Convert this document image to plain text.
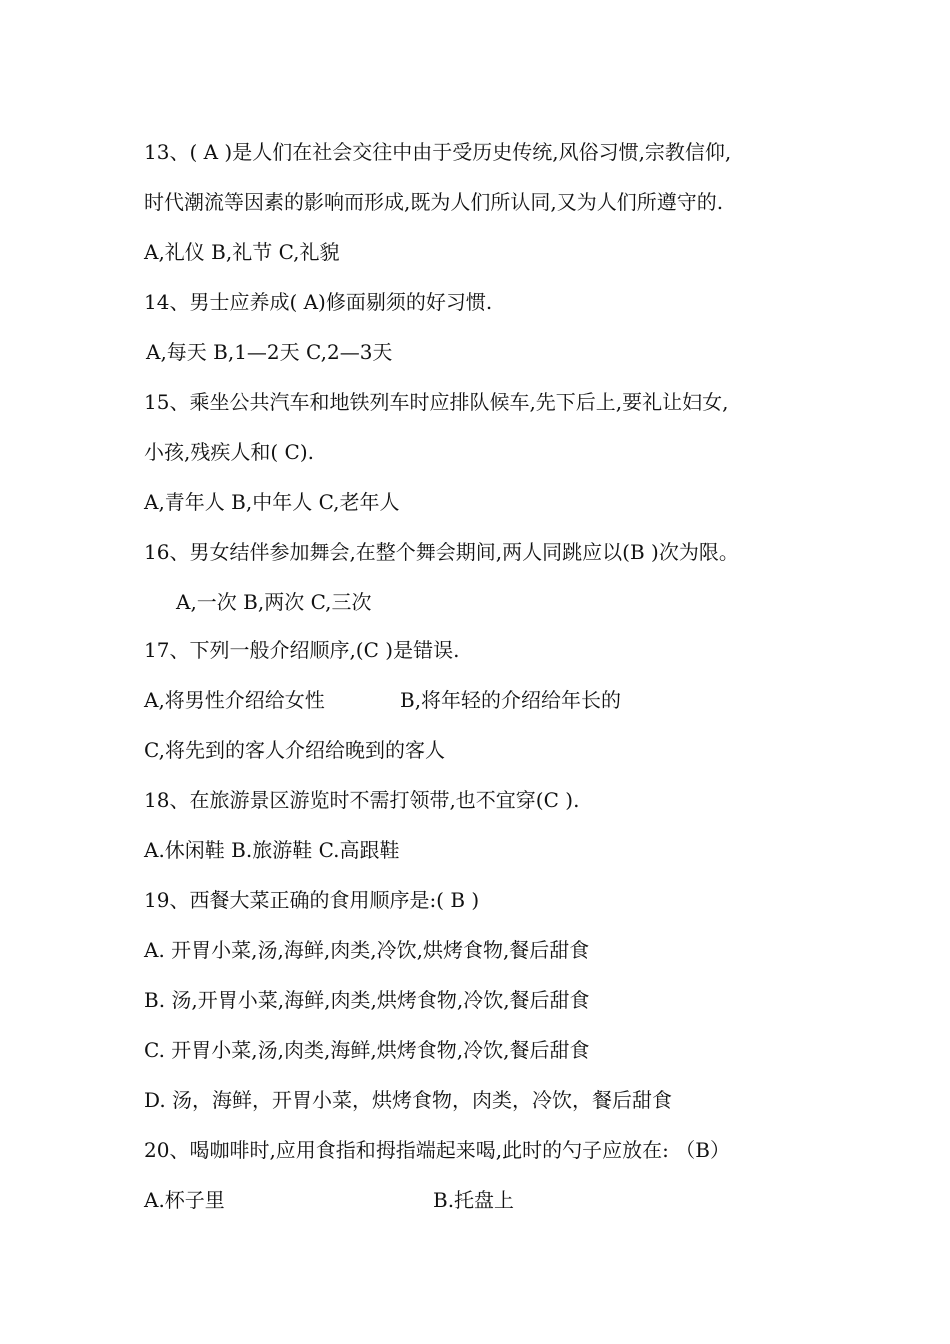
13、( A )是人们在社会交往中由于受历史传统,风俗习惯,宗教信仰,
时代潮流等因素的影响而形成,既为人们所认同,又为人们所遵守的.
A,礼仪 B,礼节 C,礼貌
14、男士应养成( A)修面剔须的好习惯.
A,每天 B,1—2天 C,2—3天
15、乘坐公共汽车和地铁列车时应排队候车,先下后上,要礼让妇女,
小孩,残疾人和( C).
A,青年人 B,中年人 C,老年人
16、男女结伴参加舞会,在整个舞会期间,两人同跳应以(B )次为限。
A,一次 B,两次 C,三次
17、下列一般介绍顺序,(C )是错误.
A,将男性介绍给女性	B,将年轻的介绍给年长的
C,将先到的客人介绍给晚到的客人
18、在旅游景区游览时不需打领带,也不宜穿(C ).
A.休闲鞋 B.旅游鞋 C.高跟鞋
19、西餐大菜正确的食用顺序是:( B )
A. 开胃小菜,汤,海鲜,肉类,冷饮,烘烤食物,餐后甜食
B. 汤,开胃小菜,海鲜,肉类,烘烤食物,冷饮,餐后甜食
C. 开胃小菜,汤,肉类,海鲜,烘烤食物,冷饮,餐后甜食
D. 汤，海鲜，开胃小菜，烘烤食物，肉类，冷饮，餐后甜食
20、喝咖啡时,应用食指和拇指端起来喝,此时的勺子应放在: （B）
A.杯子里	B.托盘上
